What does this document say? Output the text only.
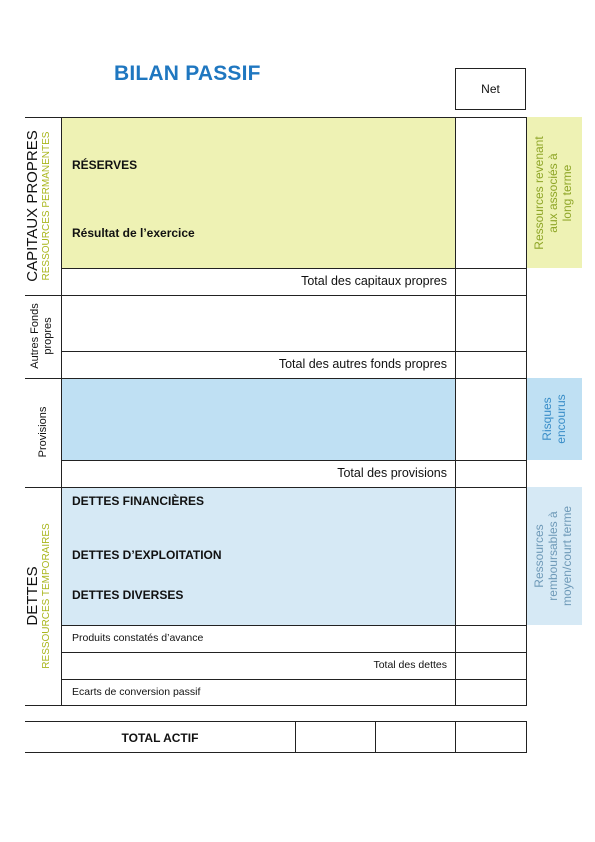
BILAN PASSIF
Net
CAPITAUX PROPRES RESSOURCES PERMANENTES RÉSERVES
Résultat de l’exercice
Total des capitaux propres
Ressources revenant aux associés à long terme
Autres Fonds propres
Total des autres fonds propres
Provisions
Total des provisions
Risques encourus
DETTES RESSOURCES TEMPORAIRES
DETTES FINANCIÈRES
DETTES D’EXPLOITATION
DETTES DIVERSES
Produits constatés d’avance
Total des dettes
Ecarts de conversion passif
Ressources remboursables à moyen/court terme
TOTAL ACTIF
